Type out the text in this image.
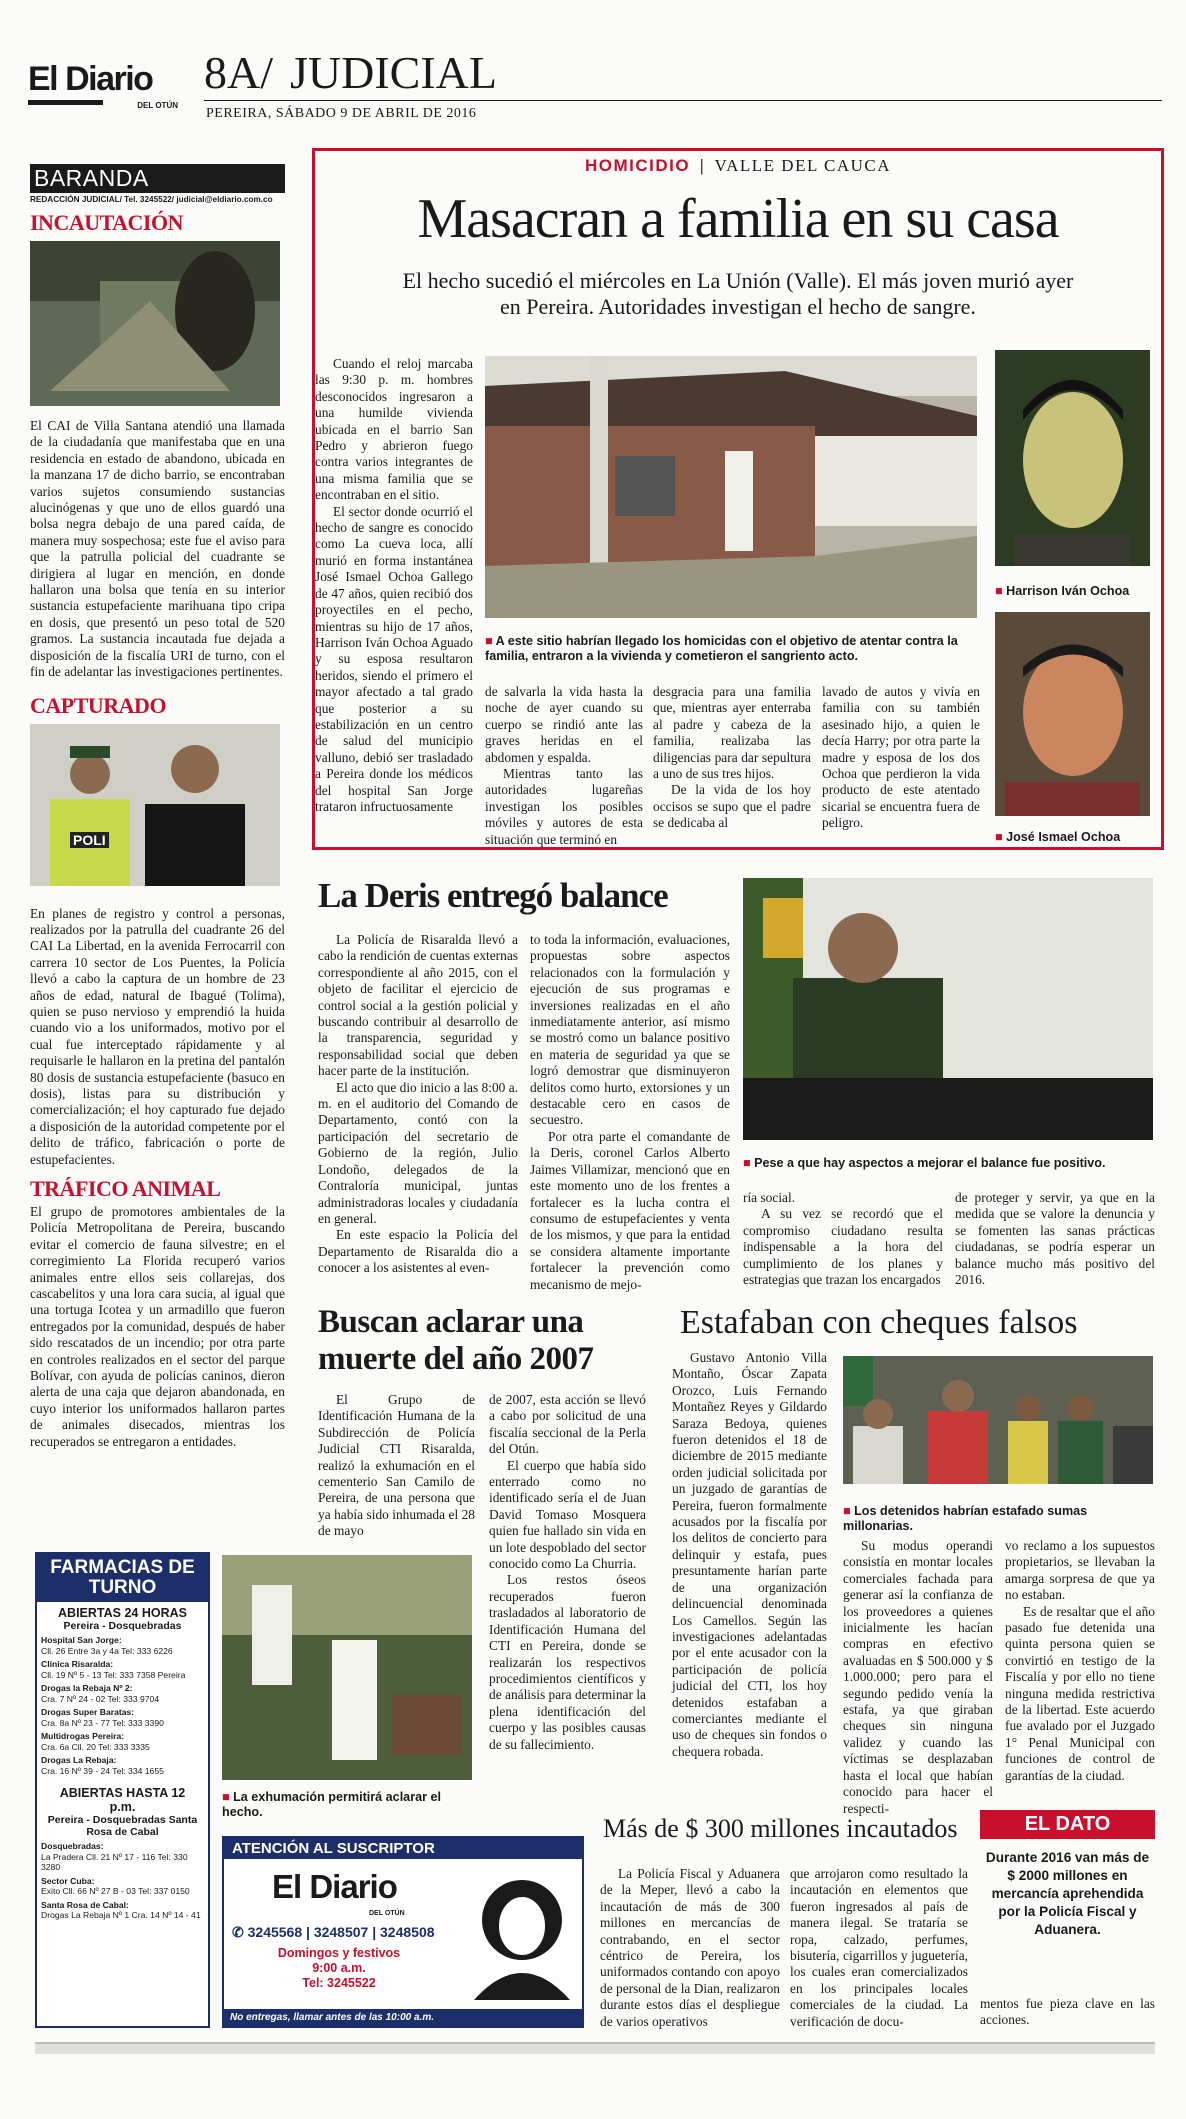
El Diario
DEL OTÚN
8A/ JUDICIAL
PEREIRA, SÁBADO 9 DE ABRIL DE 2016
BARANDA
REDACCIÓN JUDICIAL/ Tel. 3245522/ judicial@eldiario.com.co
INCAUTACIÓN
El CAI de Villa Santana atendió una llamada de la ciudadanía que manifestaba que en una residencia en estado de abandono, ubicada en la manzana 17 de dicho barrio, se encontraban varios sujetos consumiendo sustancias alucinógenas y que uno de ellos guardó una bolsa negra debajo de una pared caída, de manera muy sospechosa; este fue el aviso para que la patrulla policial del cuadrante se dirigiera al lugar en mención, en donde hallaron una bolsa que tenía en su interior sustancia estupefaciente marihuana tipo cripa en dosis, que presentó un peso total de 520 gramos. La sustancia incautada fue dejada a disposición de la fiscalía URI de turno, con el fin de adelantar las investigaciones pertinentes.
CAPTURADO
POLI
En planes de registro y control a personas, realizados por la patrulla del cuadrante 26 del CAI La Libertad, en la avenida Ferrocarril con carrera 10 sector de Los Puentes, la Policía llevó a cabo la captura de un hombre de 23 años de edad, natural de Ibagué (Tolima), quien se puso nervioso y emprendió la huida cuando vio a los uniformados, motivo por el cual fue interceptado rápidamente y al requisarle le hallaron en la pretina del pantalón 80 dosis de sustancia estupefaciente (basuco en dosis), listas para su distribución y comercialización; el hoy capturado fue dejado a disposición de la autoridad competente por el delito de tráfico, fabricación o porte de estupefacientes.
TRÁFICO ANIMAL
El grupo de promotores ambientales de la Policía Metropolitana de Pereira, buscando evitar el comercio de fauna silvestre; en el corregimiento La Florida recuperó varios animales entre ellos seis collarejas, dos cascabelitos y una lora cara sucia, al igual que una tortuga Icotea y un armadillo que fueron entregados por la comunidad, después de haber sido rescatados de un incendio; por otra parte en controles realizados en el sector del parque Bolívar, con ayuda de policías caninos, dieron alerta de una caja que dejaron abandonada, en cuyo interior los uniformados hallaron partes de animales disecados, mientras los recuperados se entregaron a entidades.
HOMICIDIO | VALLE DEL CAUCA
Masacran a familia en su casa
El hecho sucedió el miércoles en La Unión (Valle). El más joven murió ayer en Pereira. Autoridades investigan el hecho de sangre.

Cuando el reloj marcaba las 9:30 p. m. hombres desconocidos ingresaron a una humilde vivienda ubicada en el barrio San Pedro y abrieron fuego contra varios integrantes de una misma familia que se encontraban en el sitio.

El sector donde ocurrió el hecho de sangre es conocido como La cueva loca, allí murió en forma instantánea José Ismael Ochoa Gallego de 47 años, quien recibió dos proyectiles en el pecho, mientras su hijo de 17 años, Harrison Iván Ochoa Aguado y su esposa resultaron heridos, siendo el primero el mayor afectado a tal grado que posterior a su estabilización en un centro de salud del municipio valluno, debió ser trasladado a Pereira donde los médicos del hospital San Jorge trataron infructuosamente

■ A este sitio habrían llegado los homicidas con el objetivo de atentar contra la familia, entraron a la vivienda y cometieron el sangriento acto.

de salvarla la vida hasta la noche de ayer cuando su cuerpo se rindió ante las graves heridas en el abdomen y espalda.

Mientras tanto las autoridades lugareñas investigan los posibles móviles y autores de esta situación que terminó en

desgracia para una familia que, mientras ayer enterraba al padre y cabeza de la familia, realizaba las diligencias para dar sepultura a uno de sus tres hijos.

De la vida de los hoy occisos se supo que el padre se dedicaba al

lavado de autos y vivía en familia con su también asesinado hijo, a quien le decía Harry; por otra parte la madre y esposa de los dos Ochoa que perdieron la vida producto de este atentado sicarial se encuentra fuera de peligro.

■ Harrison Iván Ochoa
■ José Ismael Ochoa
La Deris entregó balance

La Policía de Risaralda llevó a cabo la rendición de cuentas externas correspondiente al año 2015, con el objeto de facilitar el ejercicio de control social a la gestión policial y buscando contribuir al desarrollo de la transparencia, seguridad y responsabilidad social que deben hacer parte de la institución.

El acto que dio inicio a las 8:00 a. m. en el auditorio del Comando de Departamento, contó con la participación del secretario de Gobierno de la región, Julio Londoño, delegados de la Contraloría municipal, juntas administradoras locales y ciudadanía en general.

En este espacio la Policía del Departamento de Risaralda dio a conocer a los asistentes al even-

to toda la información, evaluaciones, propuestas sobre aspectos relacionados con la formulación y ejecución de sus programas e inversiones realizadas en el año inmediatamente anterior, así mismo se mostró como un balance positivo en materia de seguridad ya que se logró demostrar que disminuyeron delitos como hurto, extorsiones y un destacable cero en casos de secuestro.

Por otra parte el comandante de la Deris, coronel Carlos Alberto Jaimes Villamizar, mencionó que en este momento uno de los frentes a fortalecer es la lucha contra el consumo de estupefacientes y venta de los mismos, y que para la entidad se considera altamente importante fortalecer la prevención como mecanismo de mejo-

■ Pese a que hay aspectos a mejorar el balance fue positivo.

ría social.

A su vez se recordó que el compromiso ciudadano resulta indispensable a la hora del cumplimiento de los planes y estrategias que trazan los encargados

de proteger y servir, ya que en la medida que se valore la denuncia y se fomenten las sanas prácticas ciudadanas, se podría esperar un balance mucho más positivo del 2016.

Buscan aclarar una muerte del año 2007

El Grupo de Identificación Humana de la Subdirección de Policía Judicial CTI Risaralda, realizó la exhumación en el cementerio San Camilo de Pereira, de una persona que ya había sido inhumada el 28 de mayo

de 2007, esta acción se llevó a cabo por solicitud de una fiscalía seccional de la Perla del Otún.

El cuerpo que había sido enterrado como no identificado sería el de Juan David Tomaso Mosquera quien fue hallado sin vida en un lote despoblado del sector conocido como La Churria.

Los restos óseos recuperados fueron trasladados al laboratorio de Identificación Humana del CTI en Pereira, donde se realizarán los respectivos procedimientos científicos y de análisis para determinar la plena identificación del cuerpo y las posibles causas de su fallecimiento.

■ La exhumación permitirá aclarar el hecho.
Estafaban con cheques falsos

Gustavo Antonio Villa Montaño, Óscar Zapata Orozco, Luis Fernando Montañez Reyes y Gildardo Saraza Bedoya, quienes fueron detenidos el 18 de diciembre de 2015 mediante orden judicial solicitada por un juzgado de garantías de Pereira, fueron formalmente acusados por la fiscalía por los delitos de concierto para delinquir y estafa, pues presuntamente harían parte de una organización delincuencial denominada Los Camellos. Según las investigaciones adelantadas por el ente acusador con la participación de policía judicial del CTI, los hoy detenidos estafaban a comerciantes mediante el uso de cheques sin fondos o chequera robada.

■ Los detenidos habrían estafado sumas millonarias.

Su modus operandi consistía en montar locales comerciales fachada para generar así la confianza de los proveedores a quienes inicialmente les hacían compras en efectivo avaluadas en $ 500.000 y $ 1.000.000; pero para el segundo pedido venía la estafa, ya que giraban cheques sin ninguna validez y cuando las víctimas se desplazaban hasta el local que habían conocido para hacer el respecti-

vo reclamo a los supuestos propietarios, se llevaban la amarga sorpresa de que ya no estaban.

Es de resaltar que el año pasado fue detenida una quinta persona quien se convirtió en testigo de la Fiscalía y por ello no tiene ninguna medida restrictiva de la libertad. Este acuerdo fue avalado por el Juzgado 1° Penal Municipal con funciones de control de garantías de la ciudad.

FARMACIAS DE TURNO
ABIERTAS 24 HORAS
Pereira - Dosquebradas
Hospital San Jorge:
Cll. 26 Entre 3a y 4a Tel: 333 6226
Clínica Risaralda:
Cll. 19 Nº 5 - 13 Tel: 333 7358 Pereira
Drogas la Rebaja Nº 2:
Cra. 7 Nº 24 - 02 Tel: 333 9704
Drogas Super Baratas:
Cra. 8a Nº 23 - 77 Tel: 333 3390
Multidrogas Pereira:
Cra. 6a Cll. 20 Tel: 333 3335
Drogas La Rebaja:
Cra. 16 Nº 39 - 24 Tel: 334 1655
ABIERTAS HASTA 12 p.m.
Pereira - Dosquebradas Santa Rosa de Cabal
Dosquebradas:
La Pradera Cll. 21 Nº 17 - 116 Tel: 330 3280
Sector Cuba:
Exito Cll. 66 Nº 27 B - 03 Tel: 337 0150
Santa Rosa de Cabal:
Drogas La Rebaja Nº 1 Cra. 14 Nº 14 - 41
ATENCIÓN AL SUSCRIPTOR
El Diario
DEL OTÚN
✆ 3245568 | 3248507 | 3248508
Domingos y festivos
9:00 a.m.
Tel: 3245522
No entregas, llamar antes de las 10:00 a.m.
Más de $ 300 millones incautados

La Policía Fiscal y Aduanera de la Meper, llevó a cabo la incautación de más de 300 millones en mercancías de contrabando, en el sector céntrico de Pereira, los uniformados contando con apoyo de personal de la Dian, realizaron durante estos días el despliegue de varios operativos

que arrojaron como resultado la incautación en elementos que fueron ingresados al país de manera ilegal. Se trataría se ropa, calzado, perfumes, bisutería, cigarrillos y juguetería, los cuales eran comercializados en los principales locales comerciales de la ciudad. La verificación de docu-

mentos fue pieza clave en las acciones.

EL DATO
Durante 2016 van más de $ 2000 millones en mercancía aprehendida por la Policía Fiscal y Aduanera.
